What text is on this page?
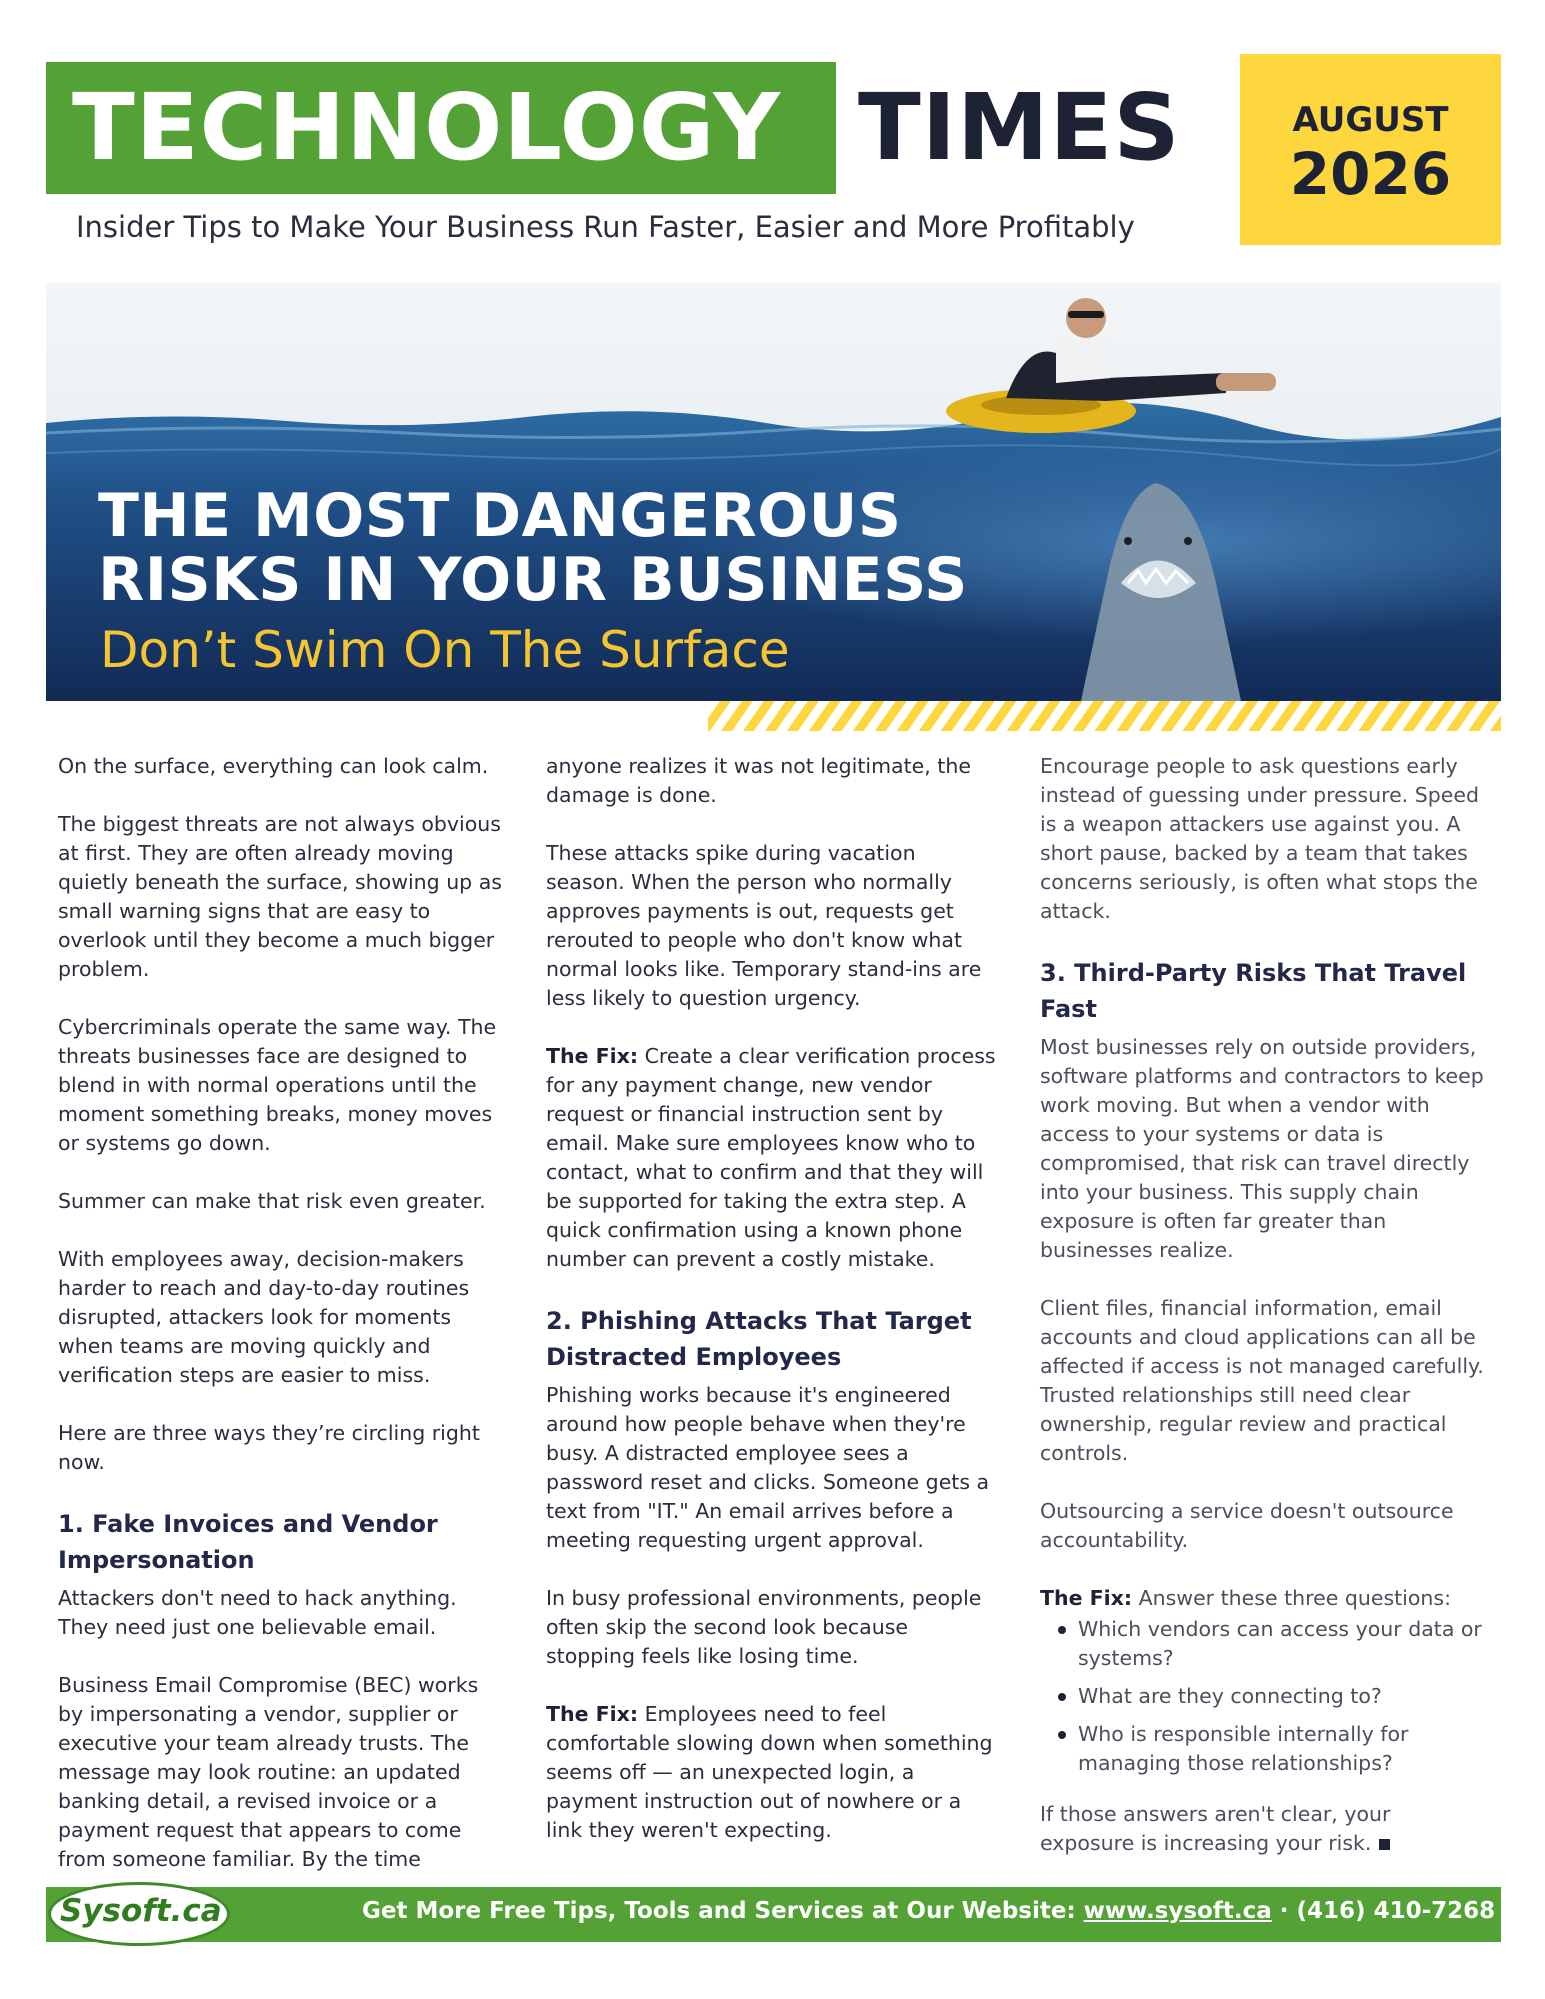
TECHNOLOGY TIMES
Insider Tips to Make Your Business Run Faster, Easier and More Profitably
AUGUST
2026
THE MOST DANGEROUS
RISKS IN YOUR BUSINESS
Don’t Swim On The Surface

On the surface, everything can look calm.

The biggest threats are not always obvious at first. They are often already moving quietly beneath the surface, showing up as small warning signs that are easy to overlook until they become a much bigger problem.

Cybercriminals operate the same way. The threats businesses face are designed to blend in with normal operations until the moment something breaks, money moves or systems go down.

Summer can make that risk even greater.

With employees away, decision-makers harder to reach and day-to-day routines disrupted, attackers look for moments when teams are moving quickly and verification steps are easier to miss.

Here are three ways they’re circling right now.

1. Fake Invoices and Vendor Impersonation

Attackers don't need to hack anything. They need just one believable email.

Business Email Compromise (BEC) works by impersonating a vendor, supplier or executive your team already trusts. The message may look routine: an updated banking detail, a revised invoice or a payment request that appears to come from someone familiar. By the time

anyone realizes it was not legitimate, the damage is done.

These attacks spike during vacation season. When the person who normally approves payments is out, requests get rerouted to people who don't know what normal looks like. Temporary stand-ins are less likely to question urgency.

The Fix: Create a clear verification process for any payment change, new vendor request or financial instruction sent by email. Make sure employees know who to contact, what to confirm and that they will be supported for taking the extra step. A quick confirmation using a known phone number can prevent a costly mistake.

2. Phishing Attacks That Target Distracted Employees

Phishing works because it's engineered around how people behave when they're busy. A distracted employee sees a password reset and clicks. Someone gets a text from "IT." An email arrives before a meeting requesting urgent approval.

In busy professional environments, people often skip the second look because stopping feels like losing time.

The Fix: Employees need to feel comfortable slowing down when something seems off — an unexpected login, a payment instruction out of nowhere or a link they weren't expecting.

Encourage people to ask questions early instead of guessing under pressure. Speed is a weapon attackers use against you. A short pause, backed by a team that takes concerns seriously, is often what stops the attack.

3. Third-Party Risks That Travel Fast

Most businesses rely on outside providers, software platforms and contractors to keep work moving. But when a vendor with access to your systems or data is compromised, that risk can travel directly into your business. This supply chain exposure is often far greater than businesses realize.

Client files, financial information, email accounts and cloud applications can all be affected if access is not managed carefully. Trusted relationships still need clear ownership, regular review and practical controls.

Outsourcing a service doesn't outsource accountability.

The Fix: Answer these three questions:

Which vendors can access your data or systems?
What are they connecting to?
Who is responsible internally for managing those relationships?

If those answers aren't clear, your exposure is increasing your risk.

Sysoft.ca	Get More Free Tips, Tools and Services at Our Website: www.sysoft.ca · (416) 410-7268 · 1
